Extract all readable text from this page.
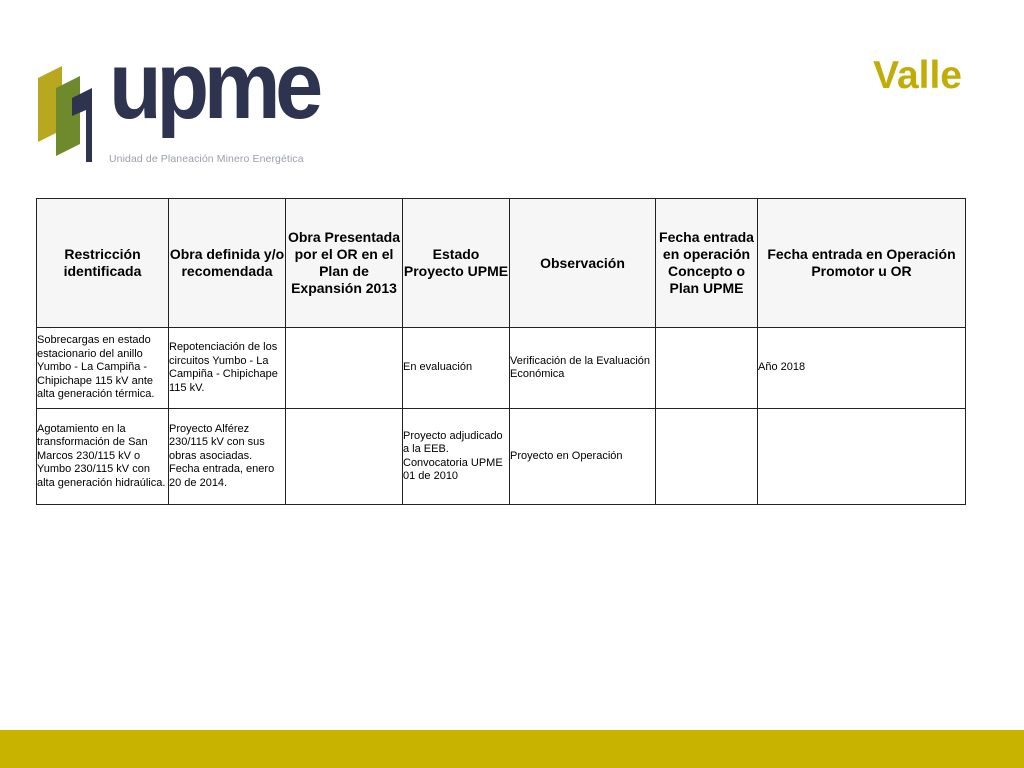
upme
Unidad de Planeación Minero Energética
Valle
Restricción identificada	Obra definida y/o recomendada	Obra Presentada por el OR en el Plan de Expansión 2013	Estado Proyecto UPME	Observación	Fecha entrada en operación Concepto o Plan UPME	Fecha entrada en Operación Promotor u OR
Sobrecargas en estado estacionario del anillo Yumbo - La Campiña - Chipichape 115 kV ante alta generación térmica.	Repotenciación de los circuitos Yumbo - La Campiña - Chipichape 115 kV.		En evaluación	Verificación de la Evaluación Económica		Año 2018
Agotamiento en la transformación de San Marcos 230/115 kV o Yumbo 230/115 kV con alta generación hidraúlica.	Proyecto Alférez 230/115 kV con sus obras asociadas. Fecha entrada, enero 20 de 2014.		Proyecto adjudicado a la EEB. Convocatoria UPME 01 de 2010	Proyecto en Operación		
